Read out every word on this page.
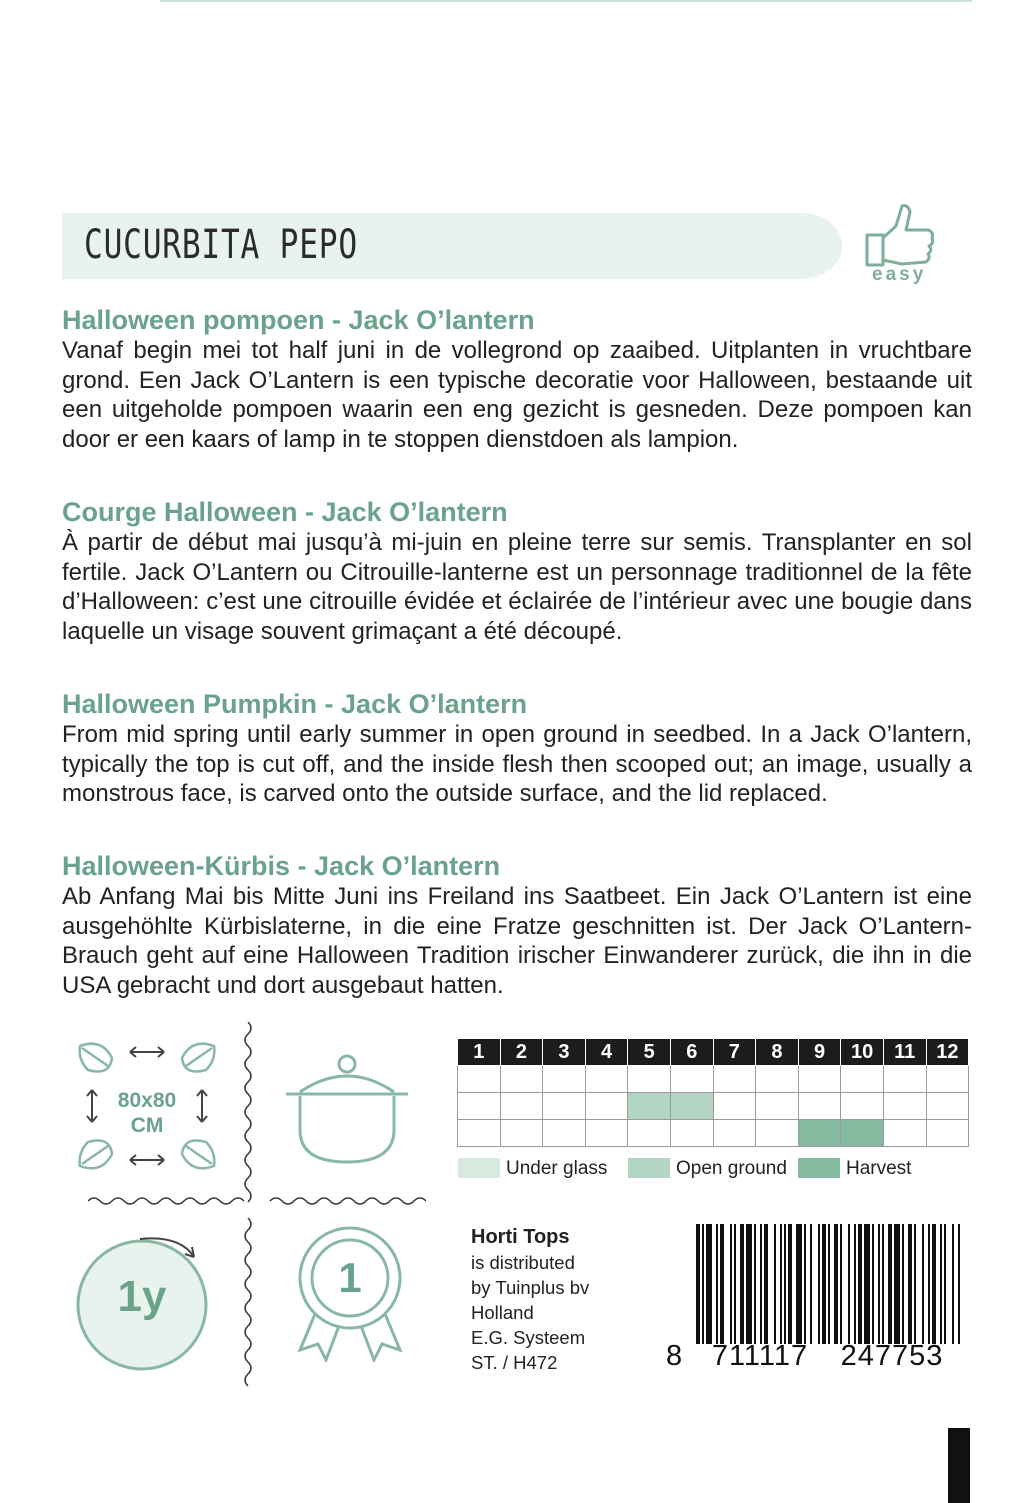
CUCURBITA PEPO
easy
Halloween pompoen - Jack O’lantern

Vanaf begin mei tot half juni in de vollegrond op zaaibed. Uitplanten in vruchtbare grond. Een Jack O’Lantern is een typische decoratie voor Halloween, bestaande uit een uitgeholde pompoen waarin een eng gezicht is gesneden. Deze pompoen kan door er een kaars of lamp in te stoppen dienstdoen als lampion.

Courge Halloween - Jack O’lantern

À partir de début mai jusqu’à mi-juin en pleine terre sur semis. Transplanter en sol fertile. Jack O’Lantern ou Citrouille-lanterne est un personnage traditionnel de la fête d’Halloween: c’est une citrouille évidée et éclairée de l’intérieur avec une bougie dans laquelle un visage souvent grimaçant a été découpé.

Halloween Pumpkin - Jack O’lantern

From mid spring until early summer in open ground in seedbed. In a Jack O’lantern, typically the top is cut off, and the inside flesh then scooped out; an image, usually a monstrous face, is carved onto the outside surface, and the lid replaced.

Halloween-Kürbis - Jack O’lantern

Ab Anfang Mai bis Mitte Juni ins Freiland ins Saatbeet. Ein Jack O’Lantern ist eine ausgehöhlte Kürbislaterne, in die eine Fratze geschnitten ist. Der Jack O’Lantern-Brauch geht auf eine Halloween Tradition irischer Einwanderer zurück, die ihn in die USA gebracht und dort ausgebaut hatten.

80x80
CM
1y	1
1	2	3	4	5	6	7	8	9	10	11	12

Under glass	Open ground	Harvest
Horti Tops
is distributed
by Tuinplus bv
Holland
E.G. Systeem
ST. / H472	8	711117	247753
